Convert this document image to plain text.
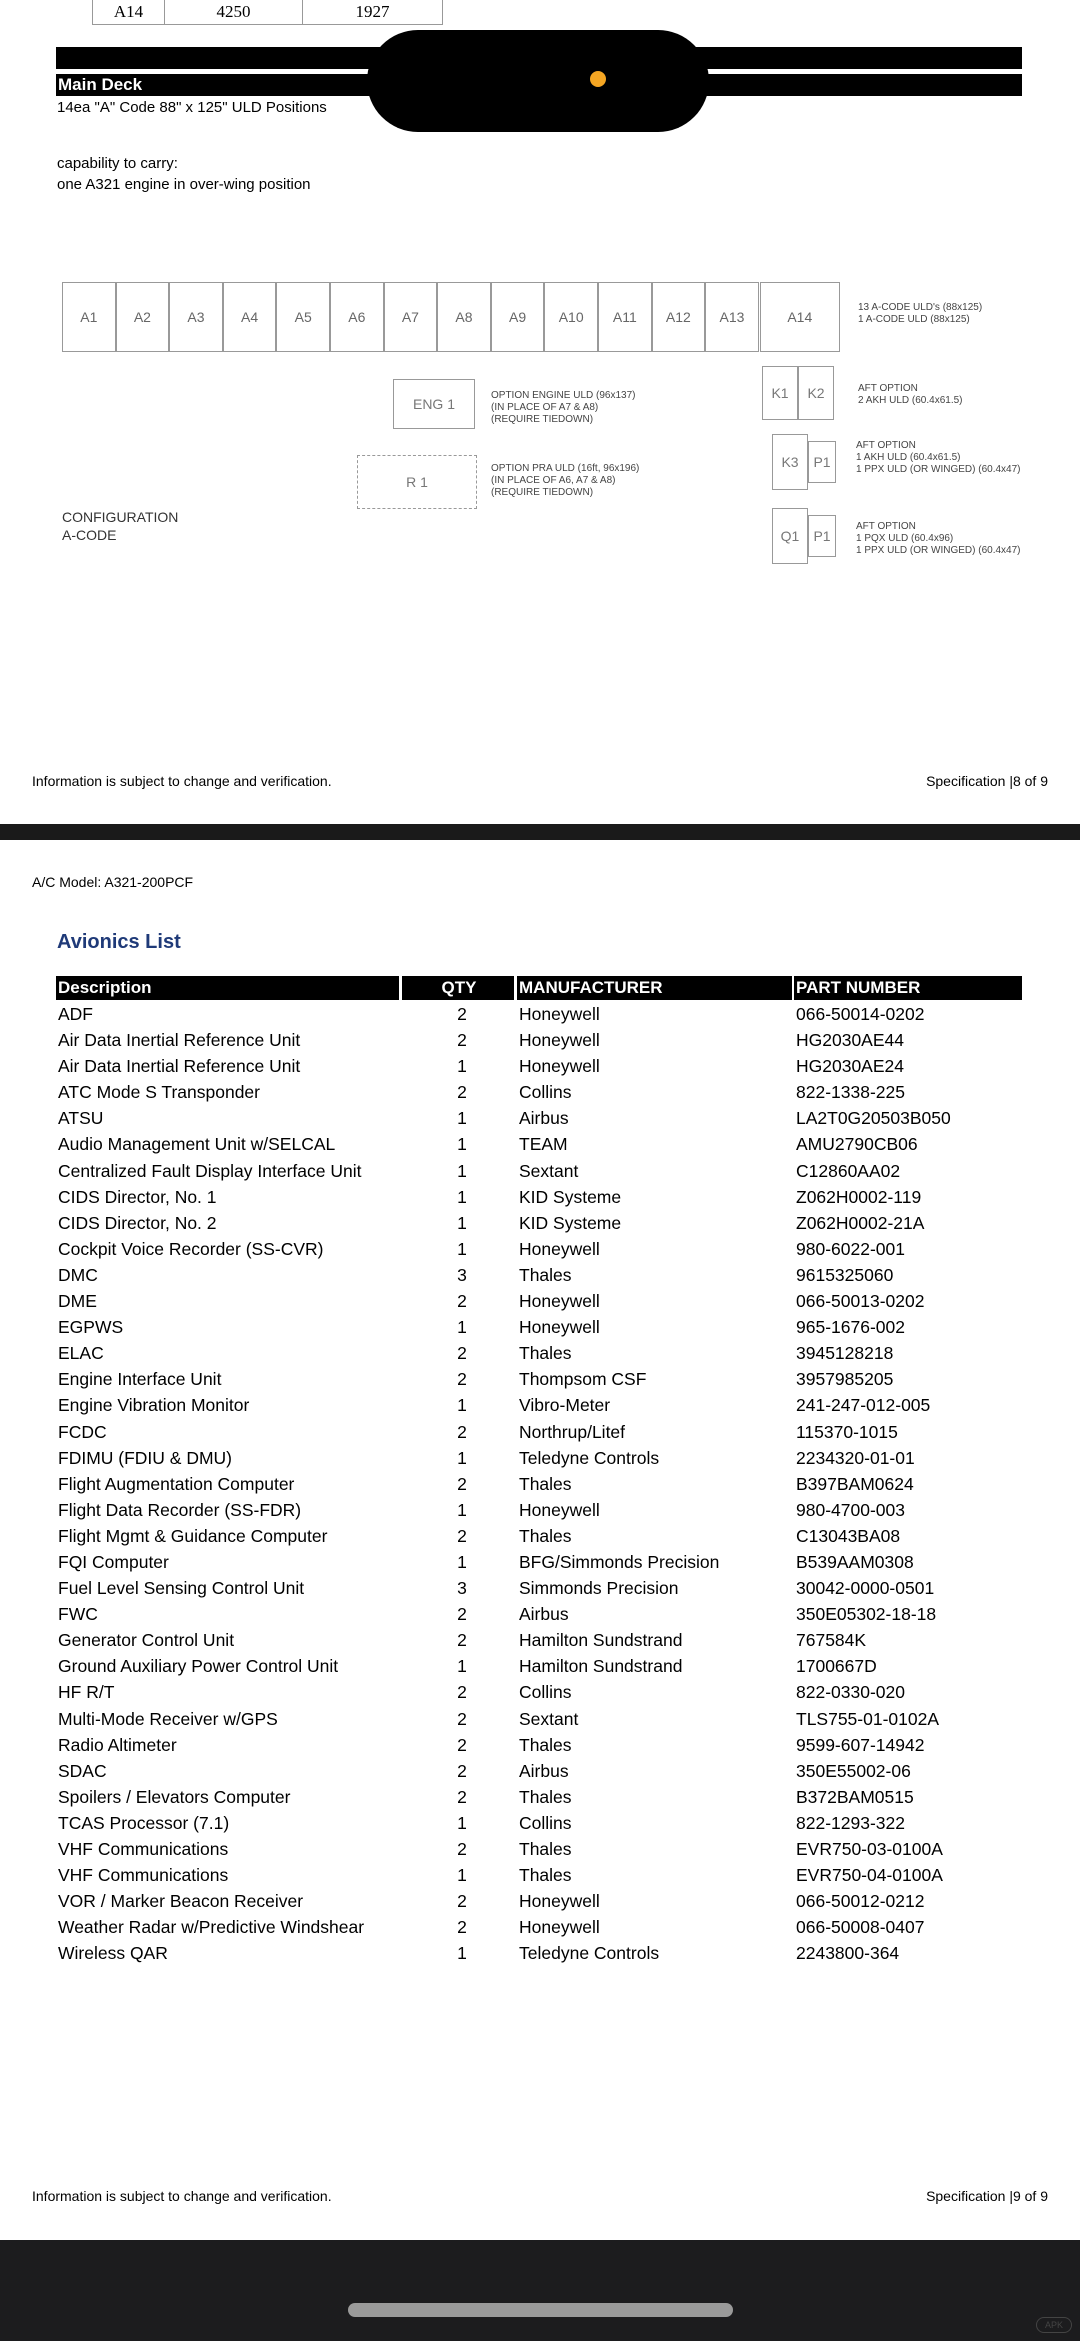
A14	4250	1927
Main Deck
14ea "A" Code 88" x 125" ULD Positions
capability to carry:
one A321 engine in over-wing position
A1	A2	A3	A4	A5	A6	A7	A8	A9	A10	A11	A12	A13	A14
13 A-CODE ULD's (88x125)
1 A-CODE ULD (88x125)
ENG 1
OPTION ENGINE ULD (96x137)
(IN PLACE OF A7 & A8)
(REQUIRE TIEDOWN)
R 1
OPTION PRA ULD (16ft, 96x196)
(IN PLACE OF A6, A7 & A8)
(REQUIRE TIEDOWN)
K1	K2	AFT OPTION
2 AKH ULD (60.4x61.5)
K3	P1
AFT OPTION
1 AKH ULD (60.4x61.5)
1 PPX ULD (OR WINGED) (60.4x47)
Q1	P1
AFT OPTION
1 PQX ULD (60.4x96)
1 PPX ULD (OR WINGED) (60.4x47)
CONFIGURATION
A-CODE
Information is subject to change and verification.	Specification |8 of 9
A/C Model: A321-200PCF
Avionics List
Description	QTY	MANUFACTURER	PART NUMBER
ADF	2	Honeywell	066-50014-0202
Air Data Inertial Reference Unit	2	Honeywell	HG2030AE44
Air Data Inertial Reference Unit	1	Honeywell	HG2030AE24
ATC Mode S Transponder	2	Collins	822-1338-225
ATSU	1	Airbus	LA2T0G20503B050
Audio Management Unit w/SELCAL	1	TEAM	AMU2790CB06
Centralized Fault Display Interface Unit	1	Sextant	C12860AA02
CIDS Director, No. 1	1	KID Systeme	Z062H0002-119
CIDS Director, No. 2	1	KID Systeme	Z062H0002-21A
Cockpit Voice Recorder (SS-CVR)	1	Honeywell	980-6022-001
DMC	3	Thales	9615325060
DME	2	Honeywell	066-50013-0202
EGPWS	1	Honeywell	965-1676-002
ELAC	2	Thales	3945128218
Engine Interface Unit	2	Thompsom CSF	3957985205
Engine Vibration Monitor	1	Vibro-Meter	241-247-012-005
FCDC	2	Northrup/Litef	115370-1015
FDIMU (FDIU & DMU)	1	Teledyne Controls	2234320-01-01
Flight Augmentation Computer	2	Thales	B397BAM0624
Flight Data Recorder (SS-FDR)	1	Honeywell	980-4700-003
Flight Mgmt & Guidance Computer	2	Thales	C13043BA08
FQI Computer	1	BFG/Simmonds Precision	B539AAM0308
Fuel Level Sensing Control Unit	3	Simmonds Precision	30042-0000-0501
FWC	2	Airbus	350E05302-18-18
Generator Control Unit	2	Hamilton Sundstrand	767584K
Ground Auxiliary Power Control Unit	1	Hamilton Sundstrand	1700667D
HF R/T	2	Collins	822-0330-020
Multi-Mode Receiver w/GPS	2	Sextant	TLS755-01-0102A
Radio Altimeter	2	Thales	9599-607-14942
SDAC	2	Airbus	350E55002-06
Spoilers / Elevators Computer	2	Thales	B372BAM0515
TCAS Processor (7.1)	1	Collins	822-1293-322
VHF Communications	2	Thales	EVR750-03-0100A
VHF Communications	1	Thales	EVR750-04-0100A
VOR / Marker Beacon Receiver	2	Honeywell	066-50012-0212
Weather Radar w/Predictive Windshear	2	Honeywell	066-50008-0407
Wireless QAR	1	Teledyne Controls	2243800-364
Information is subject to change and verification.	Specification |9 of 9
APK
